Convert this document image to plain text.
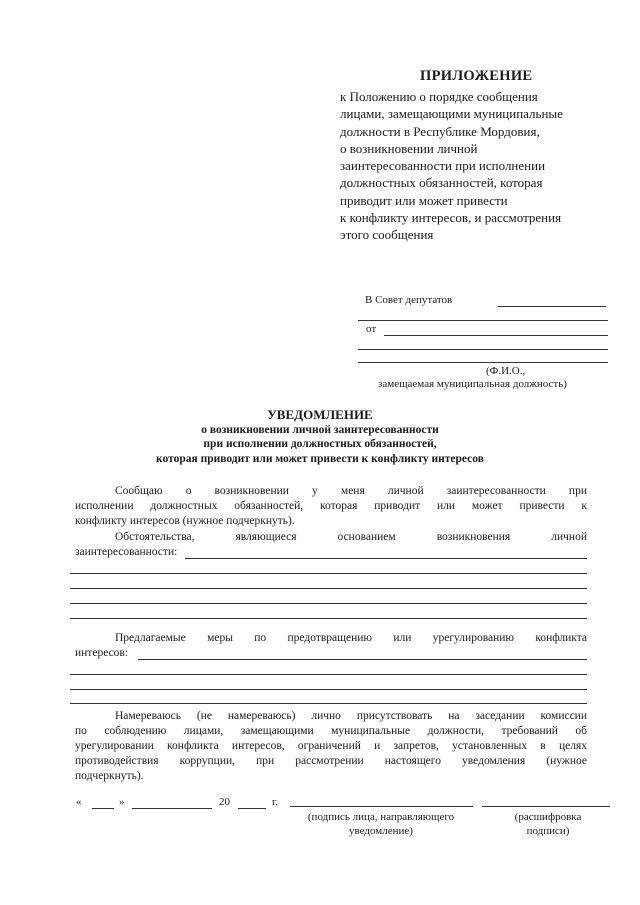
ПРИЛОЖЕНИЕ
к Положению о порядке сообщения
лицами, замещающими муниципальные
должности в Республике Мордовия,
о возникновении личной
заинтересованности при исполнении
должностных обязанностей, которая
приводит или может привести
к конфликту интересов, и рассмотрения
этого сообщения
В Совет депутатов
от
(Ф.И.О.,
замещаемая муниципальная должность)
УВЕДОМЛЕНИЕ
о возникновении личной заинтересованности
при исполнении должностных обязанностей,
которая приводит или может привести к конфликту интересов
Сообщаю о возникновении у меня личной заинтересованности при
исполнении должностных обязанностей, которая приводит или может привести к
конфликту интересов (нужное подчеркнуть).
Обстоятельства, являющиеся основанием возникновения личной
заинтересованности:
Предлагаемые меры по предотвращению или урегулированию конфликта
интересов:
Намереваюсь (не намереваюсь) лично присутствовать на заседании комиссии
по соблюдению лицами, замещающими муниципальные должности, требований об
урегулировании конфликта интересов, ограничений и запретов, установленных в целях
противодействия коррупции, при рассмотрении настоящего уведомления (нужное
подчеркнуть).
«	»	20	г.
(подпись лица, направляющего
уведомление)
(расшифровка
подписи)
